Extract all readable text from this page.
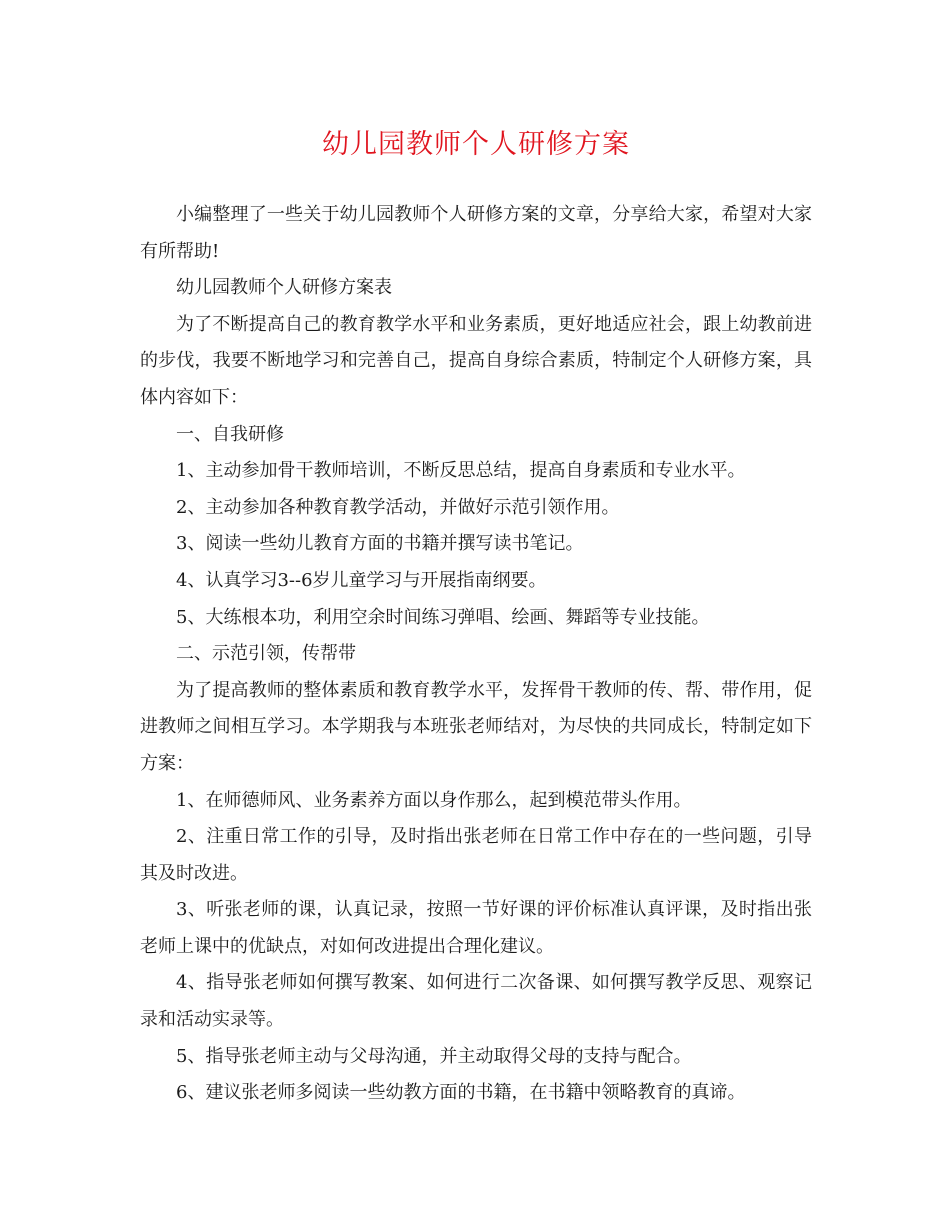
幼儿园教师个人研修方案

小编整理了一些关于幼儿园教师个人研修方案的文章，分享给大家，希望对大家有所帮助!

幼儿园教师个人研修方案表

为了不断提高自己的教育教学水平和业务素质，更好地适应社会，跟上幼教前进的步伐，我要不断地学习和完善自己，提高自身综合素质，特制定个人研修方案，具体内容如下：

一、自我研修

1、主动参加骨干教师培训，不断反思总结，提高自身素质和专业水平。

2、主动参加各种教育教学活动，并做好示范引领作用。

3、阅读一些幼儿教育方面的书籍并撰写读书笔记。

4、认真学习3--6岁儿童学习与开展指南纲要。

5、大练根本功，利用空余时间练习弹唱、绘画、舞蹈等专业技能。

二、示范引领，传帮带

为了提高教师的整体素质和教育教学水平，发挥骨干教师的传、帮、带作用，促进教师之间相互学习。本学期我与本班张老师结对，为尽快的共同成长，特制定如下方案：

1、在师德师风、业务素养方面以身作那么，起到模范带头作用。

2、注重日常工作的引导，及时指出张老师在日常工作中存在的一些问题，引导其及时改进。

3、听张老师的课，认真记录，按照一节好课的评价标准认真评课，及时指出张老师上课中的优缺点，对如何改进提出合理化建议。

4、指导张老师如何撰写教案、如何进行二次备课、如何撰写教学反思、观察记录和活动实录等。

5、指导张老师主动与父母沟通，并主动取得父母的支持与配合。

6、建议张老师多阅读一些幼教方面的书籍，在书籍中领略教育的真谛。
